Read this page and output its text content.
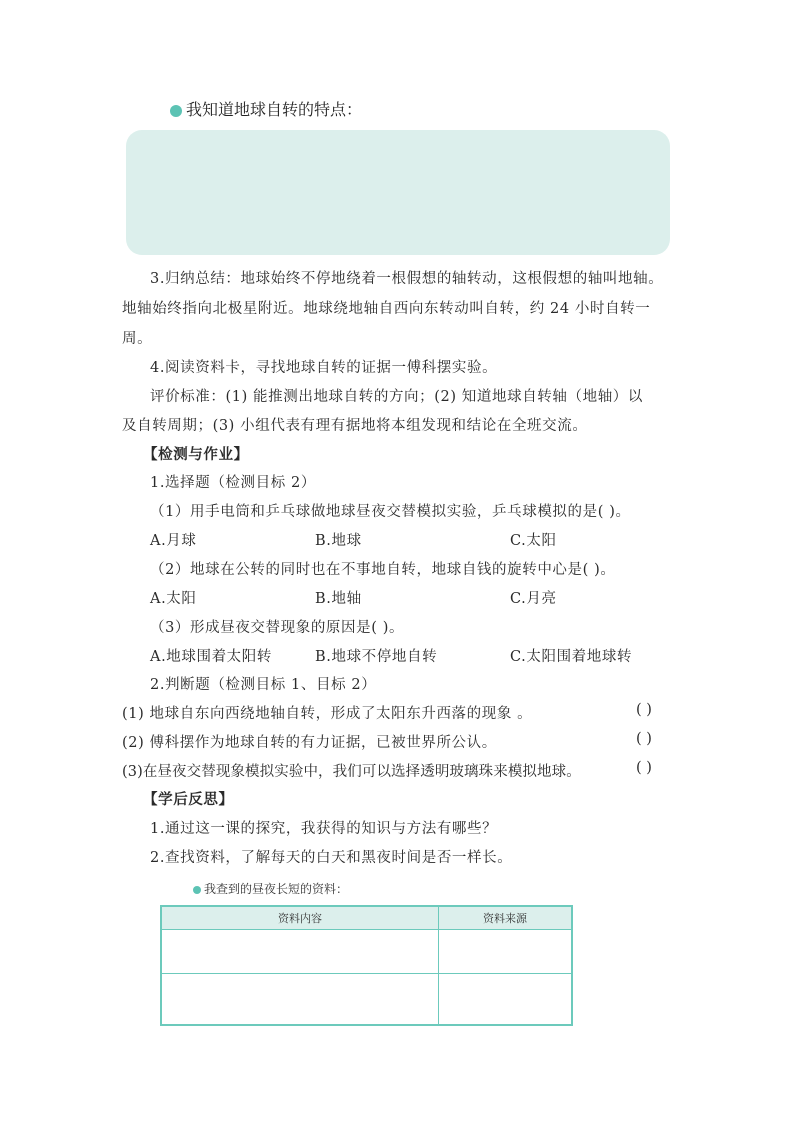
我知道地球自转的特点：
3.归纳总结：地球始终不停地绕着一根假想的轴转动，这根假想的轴叫地轴。
地轴始终指向北极星附近。地球绕地轴自西向东转动叫自转，约 24 小时自转一
周。
4.阅读资料卡，寻找地球自转的证据一傅科摆实验。
评价标准：(1) 能推测出地球自转的方向；(2) 知道地球自转轴（地轴）以
及自转周期；(3) 小组代表有理有据地将本组发现和结论在全班交流。
【检测与作业】
1.选择题（检测目标 2）
（1）用手电筒和乒乓球做地球昼夜交替模拟实验，乒乓球模拟的是( )。
A.月球	B.地球	C.太阳
（2）地球在公转的同时也在不事地自转，地球自钱的旋转中心是( )。
A.太阳	B.地轴	C.月亮
（3）形成昼夜交替现象的原因是( )。
A.地球围着太阳转	B.地球不停地自转	C.太阳围着地球转
2.判断题（检测目标 1、目标 2）
(1) 地球自东向西绕地轴自转，形成了太阳东升西落的现象 。	( )
(2) 傅科摆作为地球自转的有力证据，已被世界所公认。	( )
(3)在昼夜交替现象模拟实验中，我们可以选择透明玻璃珠来模拟地球。	( )
【学后反思】
1.通过这一课的探究，我获得的知识与方法有哪些？
2.查找资料，了解每天的白天和黑夜时间是否一样长。
我查到的昼夜长短的资料：
资料内容	资料来源
